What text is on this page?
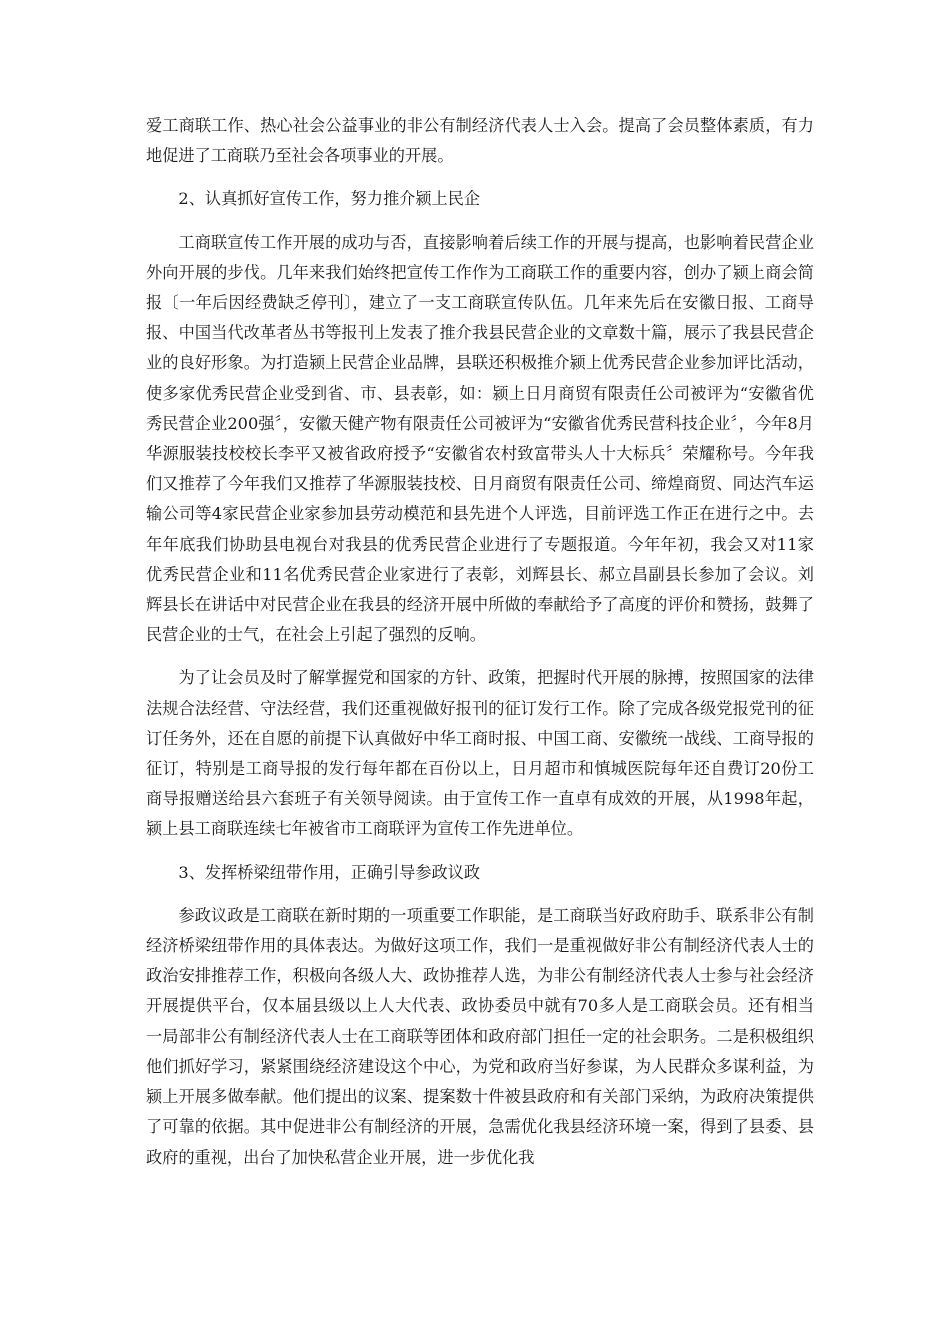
爱工商联工作、热心社会公益事业的非公有制经济代表人士入会。提高了会员整体素质，有力地促进了工商联乃至社会各项事业的开展。

2、认真抓好宣传工作，努力推介颍上民企

工商联宣传工作开展的成功与否，直接影响着后续工作的开展与提高，也影响着民营企业外向开展的步伐。几年来我们始终把宣传工作作为工商联工作的重要内容，创办了颍上商会简报〔一年后因经费缺乏停刊〕，建立了一支工商联宣传队伍。几年来先后在安徽日报、工商导报、中国当代改革者丛书等报刊上发表了推介我县民营企业的文章数十篇，展示了我县民营企业的良好形象。为打造颍上民营企业品牌，县联还积极推介颍上优秀民营企业参加评比活动，使多家优秀民营企业受到省、市、县表彰，如：颍上日月商贸有限责任公司被评为“安徽省优秀民营企业200强〞，安徽天健产物有限责任公司被评为“安徽省优秀民营科技企业〞，今年8月华源服装技校校长李平又被省政府授予“安徽省农村致富带头人十大标兵〞荣耀称号。今年我们又推荐了今年我们又推荐了华源服装技校、日月商贸有限责任公司、缔煌商贸、同达汽车运输公司等4家民营企业家参加县劳动模范和县先进个人评选，目前评选工作正在进行之中。去年年底我们协助县电视台对我县的优秀民营企业进行了专题报道。今年年初，我会又对11家优秀民营企业和11名优秀民营企业家进行了表彰，刘辉县长、郝立昌副县长参加了会议。刘辉县长在讲话中对民营企业在我县的经济开展中所做的奉献给予了高度的评价和赞扬，鼓舞了民营企业的士气，在社会上引起了强烈的反响。

为了让会员及时了解掌握党和国家的方针、政策，把握时代开展的脉搏，按照国家的法律法规合法经营、守法经营，我们还重视做好报刊的征订发行工作。除了完成各级党报党刊的征订任务外，还在自愿的前提下认真做好中华工商时报、中国工商、安徽统一战线、工商导报的征订，特别是工商导报的发行每年都在百份以上，日月超市和慎城医院每年还自费订20份工商导报赠送给县六套班子有关领导阅读。由于宣传工作一直卓有成效的开展，从1998年起，颍上县工商联连续七年被省市工商联评为宣传工作先进单位。

3、发挥桥梁纽带作用，正确引导参政议政

参政议政是工商联在新时期的一项重要工作职能，是工商联当好政府助手、联系非公有制经济桥梁纽带作用的具体表达。为做好这项工作，我们一是重视做好非公有制经济代表人士的政治安排推荐工作，积极向各级人大、政协推荐人选，为非公有制经济代表人士参与社会经济开展提供平台，仅本届县级以上人大代表、政协委员中就有70多人是工商联会员。还有相当一局部非公有制经济代表人士在工商联等团体和政府部门担任一定的社会职务。二是积极组织他们抓好学习，紧紧围绕经济建设这个中心，为党和政府当好参谋，为人民群众多谋利益，为颍上开展多做奉献。他们提出的议案、提案数十件被县政府和有关部门采纳，为政府决策提供了可靠的依据。其中促进非公有制经济的开展，急需优化我县经济环境一案，得到了县委、县政府的重视，出台了加快私营企业开展，进一步优化我
